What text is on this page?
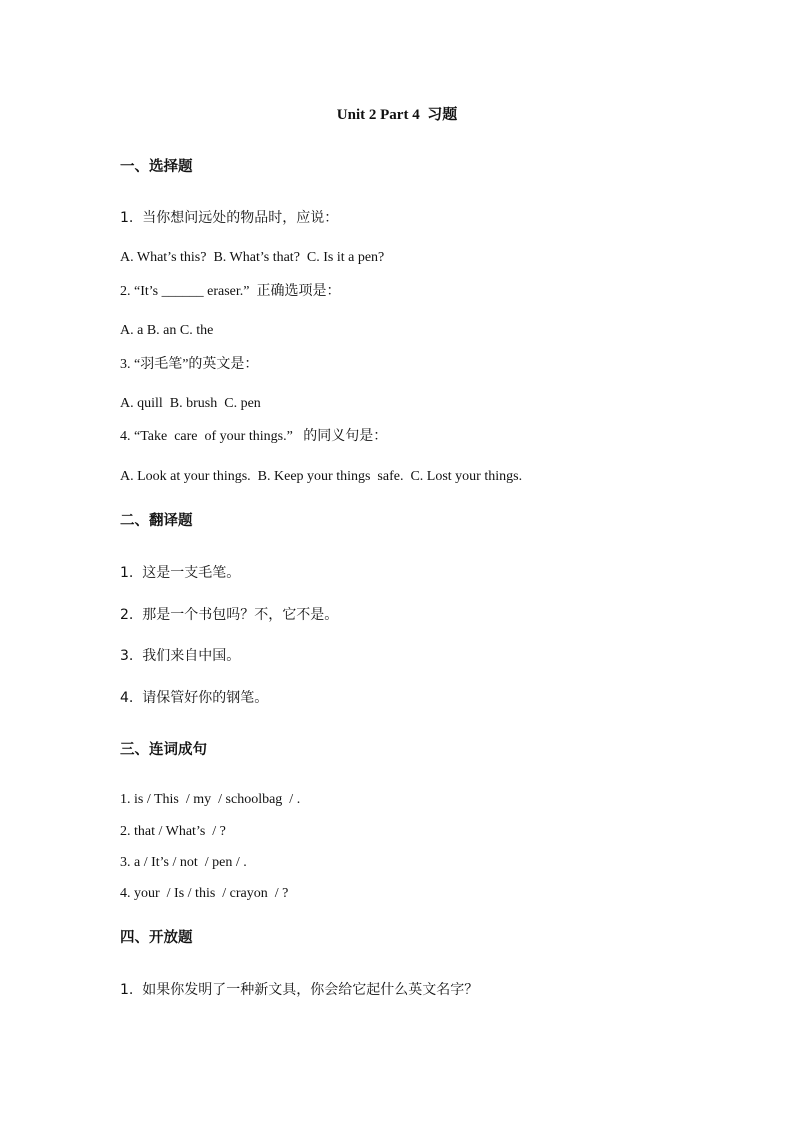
Unit 2 Part 4  习题
一、选择题
1.  当你想问远处的物品时，应说：
A. What’s this?  B. What’s that?  C. Is it a pen?
2. “It’s ______ eraser.”  正确选项是：
A. a B. an C. the
3. “羽毛笔”的英文是：
A. quill  B. brush  C. pen
4. “Take  care  of your things.”   的同义句是：
A. Look at your things.  B. Keep your things  safe.  C. Lost your things.
二、翻译题
1.  这是一支毛笔。
2.  那是一个书包吗？不，它不是。
3.  我们来自中国。
4.  请保管好你的钢笔。
三、连词成句
1. is / This  / my  / schoolbag  / .
2. that / What’s  / ?
3. a / It’s / not  / pen / .
4. your  / Is / this  / crayon  / ?
四、开放题
1.  如果你发明了一种新文具，你会给它起什么英文名字？
